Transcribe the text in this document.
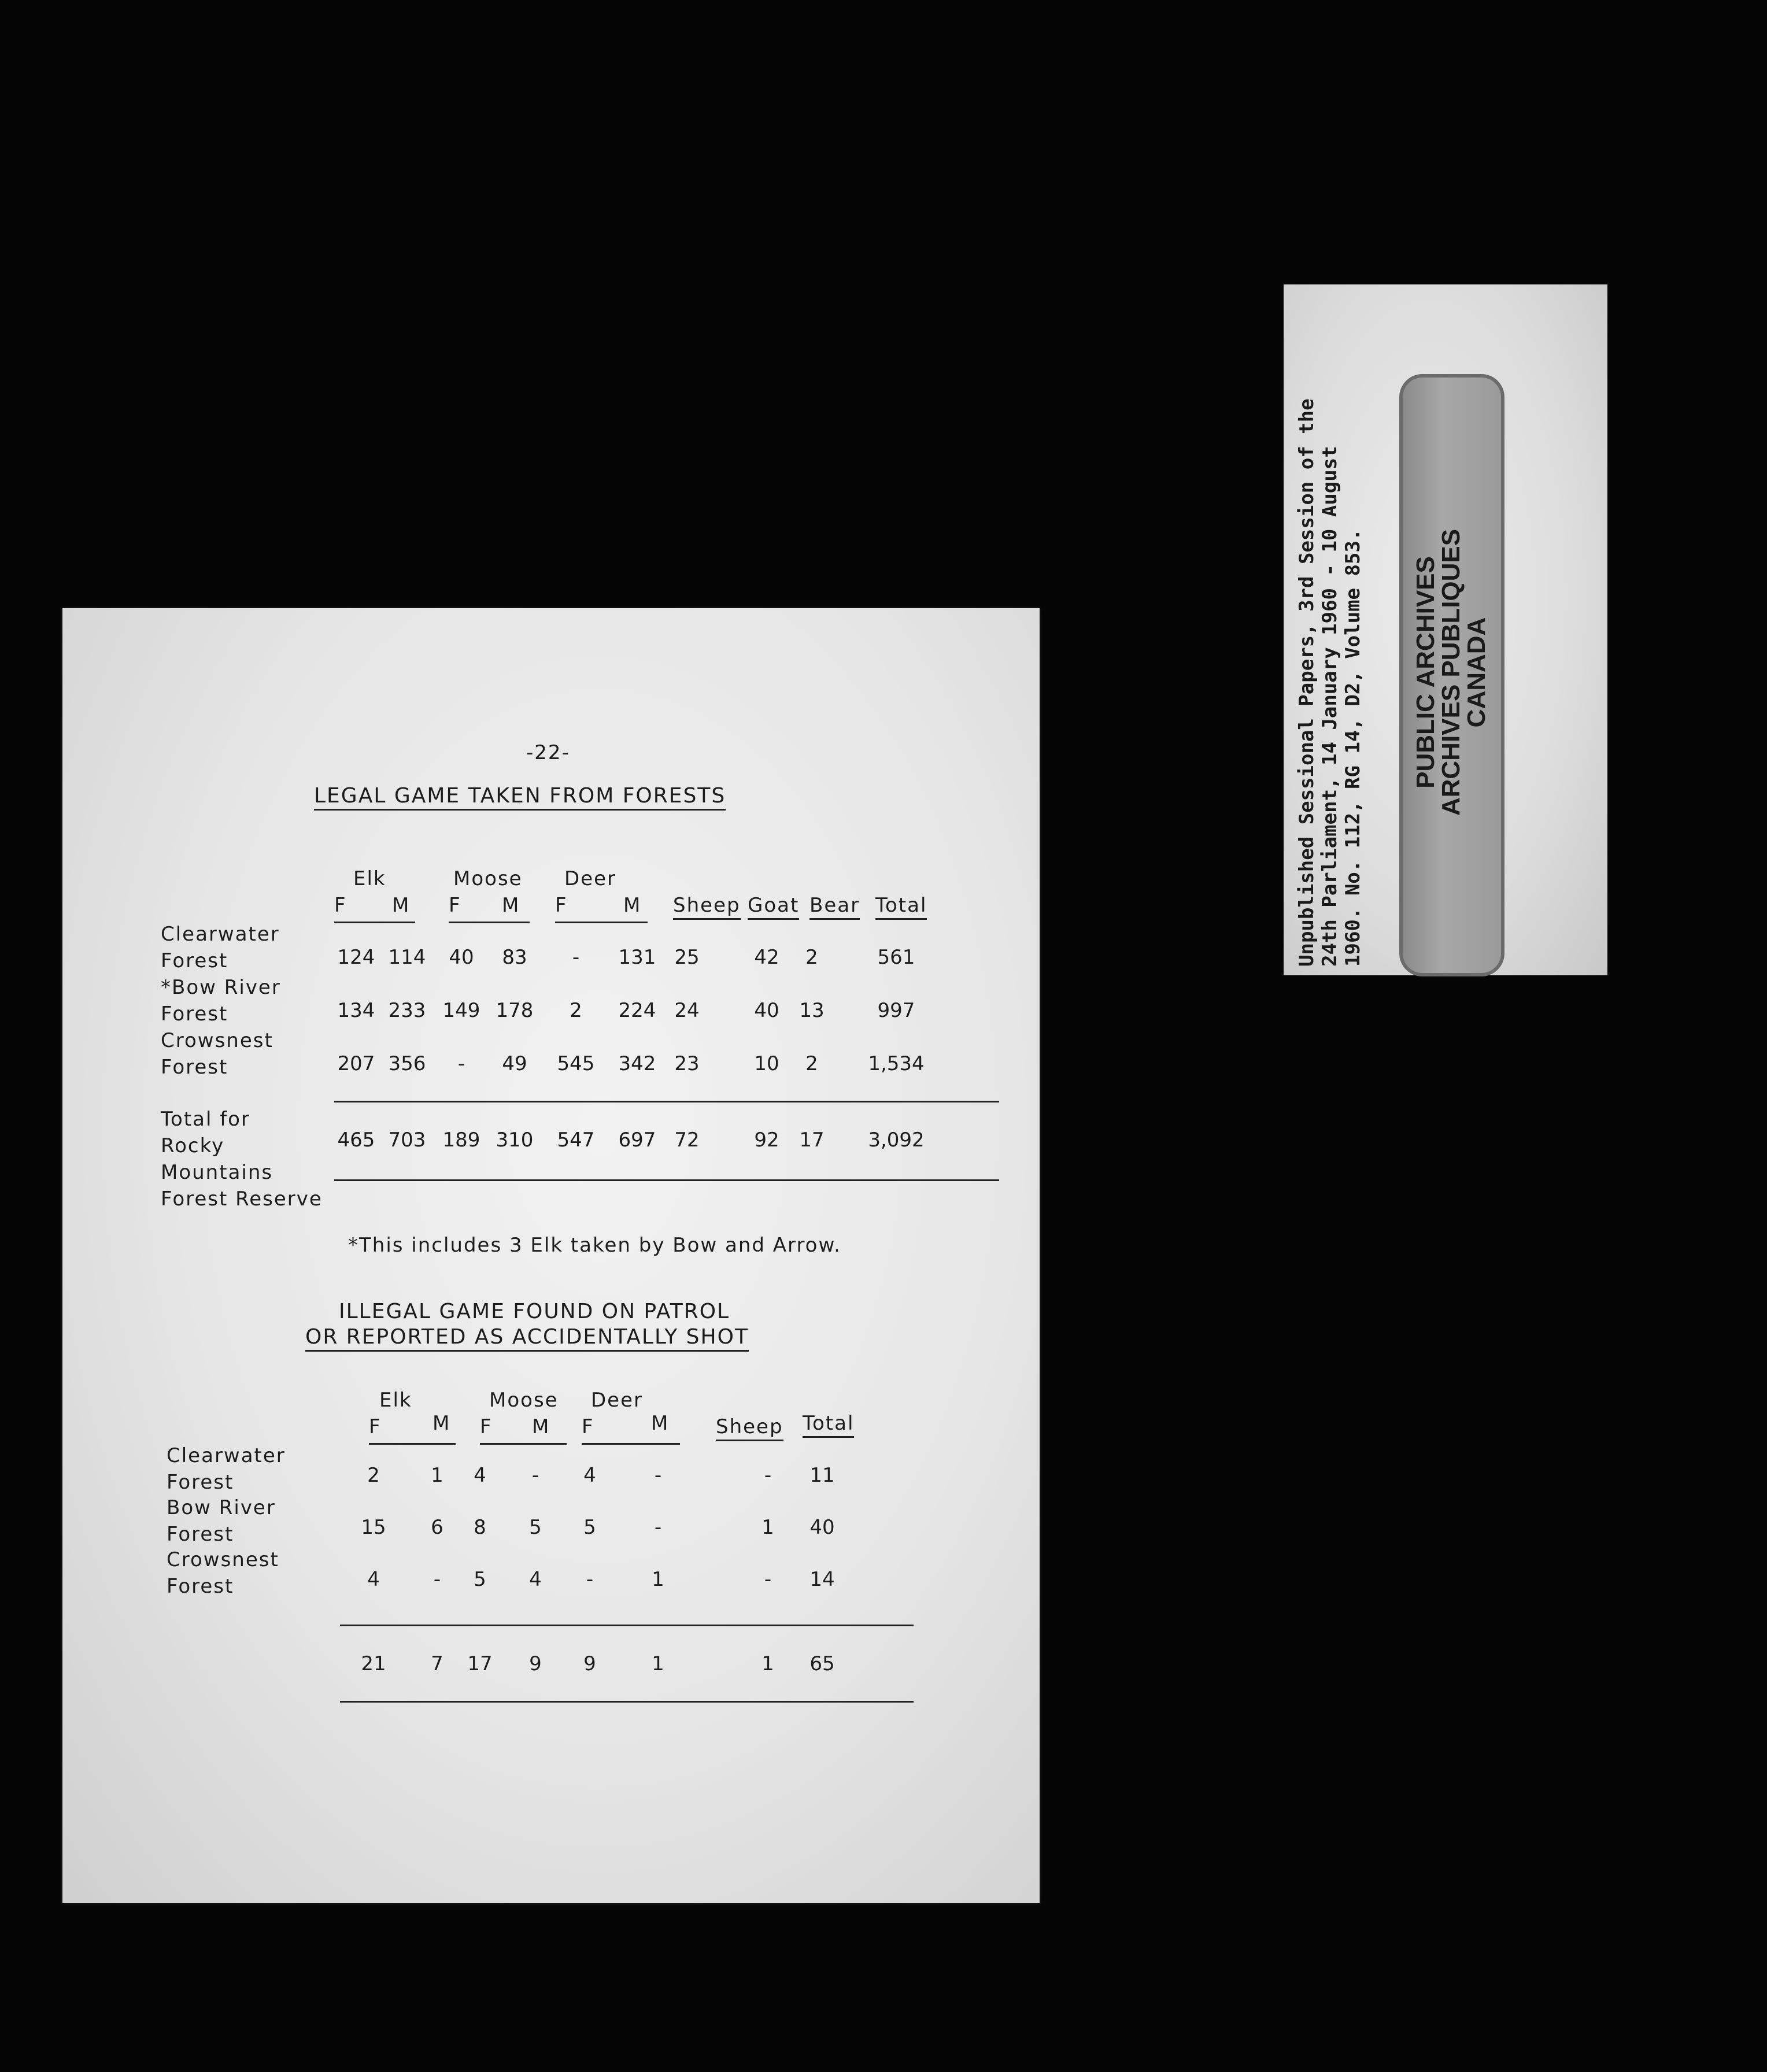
-22-
LEGAL GAME TAKEN FROM FORESTS
Elk	Moose Deer
F M F M F	M Sheep Goat Bear Total
Clearwater
Forest	124 114	40	83	-	131 25	42	2	561
*Bow River
Forest	134 233 149 178	2	224 24	40	13	997
Crowsnest
Forest	207 356	-	49	545	342 23	10	2	1,534
Total for
Rocky
Mountains
Forest Reserve
465 703 189 310	547	697 72	92	17	3,092
*This includes 3 Elk taken by Bow and Arrow.
ILLEGAL GAME FOUND ON PATROL
OR REPORTED AS ACCIDENTALLY SHOT
Elk	Moose Deer
F	M F M F	M Sheep Total
Clearwater
Forest	2	1	4	-	4	-	-	11
Bow River
Forest	15	6	8	5	5	-	1	40
Crowsnest
Forest	4	-	5	4	-	1	-	14
21	7	17	9	9	1	1	65
Unpublished Sessional Papers, 3rd Session of the 24th Parliament, 14 January 1960 - 10 August 1960. No. 112, RG 14, D2, Volume 853. PUBLIC ARCHIVES
ARCHIVES PUBLIQUES
CANADA
